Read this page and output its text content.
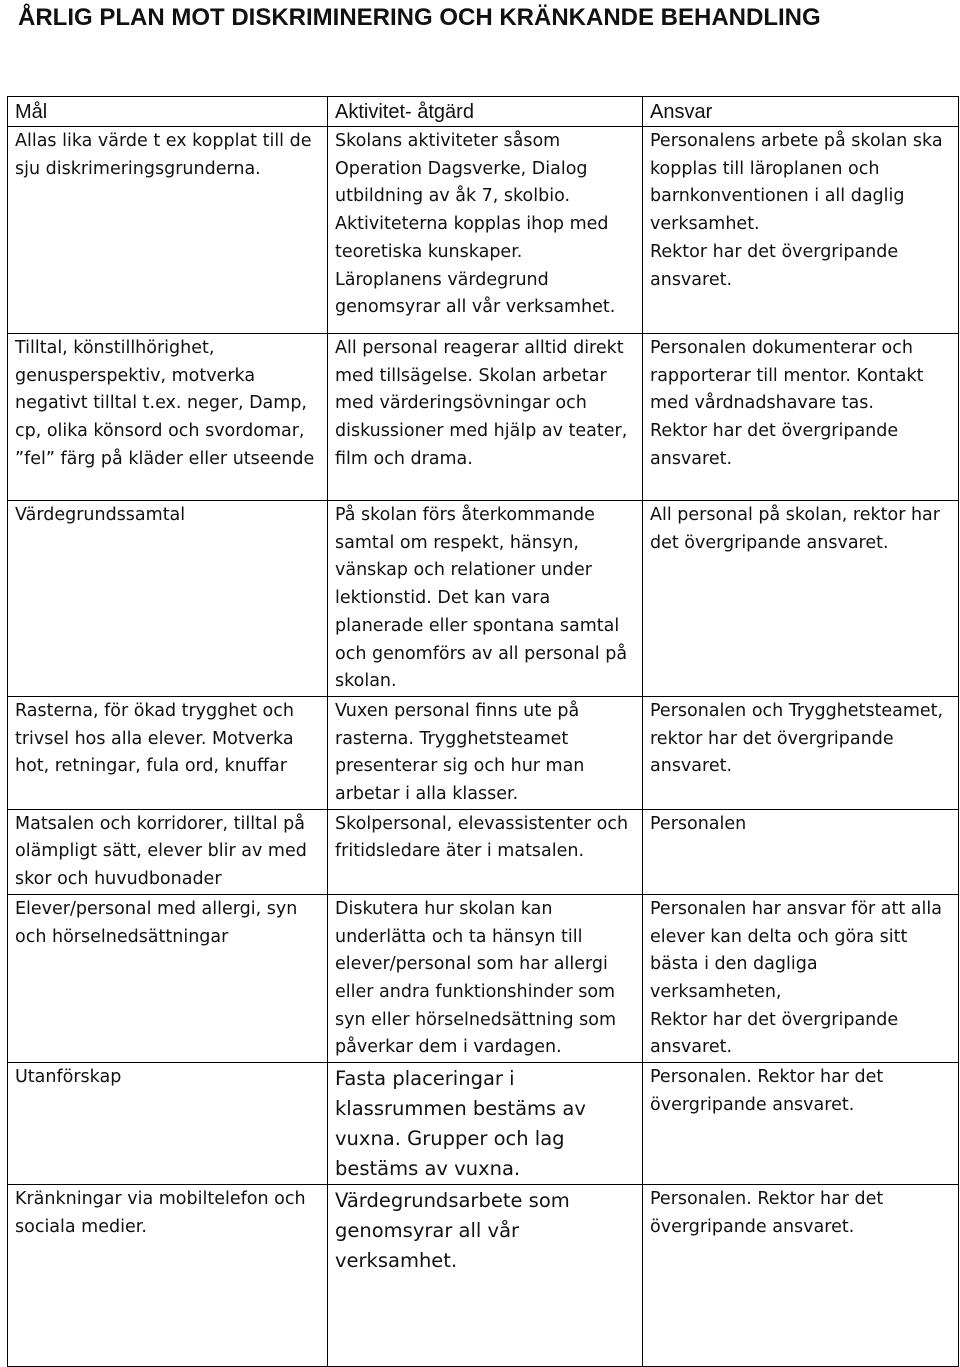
ÅRLIG PLAN MOT DISKRIMINERING OCH KRÄNKANDE BEHANDLING
Mål	Aktivitet- åtgärd	Ansvar

Allas lika värde t ex kopplat till de sju diskrimeringsgrunderna.	Skolans aktiviteter såsom Operation Dagsverke, Dialog utbildning av åk 7, skolbio. Aktiviteterna kopplas ihop med teoretiska kunskaper. Läroplanens värdegrund genomsyrar all vår verksamhet.	Personalens arbete på skolan ska kopplas till läroplanen och barnkonventionen i all daglig verksamhet.
Rektor har det övergripande ansvaret.

Tilltal, könstillhörighet, genusperspektiv, motverka negativt tilltal t.ex. neger, Damp, cp, olika könsord och svordomar, ”fel” färg på kläder eller utseende	All personal reagerar alltid direkt med tillsägelse. Skolan arbetar med värderingsövningar och diskussioner med hjälp av teater, film och drama.	Personalen dokumenterar och rapporterar till mentor. Kontakt med vårdnadshavare tas.
Rektor har det övergripande ansvaret.

Värdegrundssamtal	På skolan förs återkommande samtal om respekt, hänsyn, vänskap och relationer under lektionstid. Det kan vara planerade eller spontana samtal och genomförs av all personal på skolan.	All personal på skolan, rektor har det övergripande ansvaret.

Rasterna, för ökad trygghet och trivsel hos alla elever. Motverka hot, retningar, fula ord, knuffar	Vuxen personal finns ute på rasterna. Trygghetsteamet presenterar sig och hur man arbetar i alla klasser.	Personalen och Trygghetsteamet, rektor har det övergripande ansvaret.

Matsalen och korridorer, tilltal på olämpligt sätt, elever blir av med skor och huvudbonader	Skolpersonal, elevassistenter och fritidsledare äter i matsalen.	Personalen

Elever/personal med allergi, syn och hörselnedsättningar	Diskutera hur skolan kan underlätta och ta hänsyn till elever/personal som har allergi eller andra funktionshinder som syn eller hörselnedsättning som påverkar dem i vardagen.	Personalen har ansvar för att alla elever kan delta och göra sitt bästa i den dagliga verksamheten,
Rektor har det övergripande ansvaret.

Utanförskap	Fasta placeringar i klassrummen bestäms av vuxna. Grupper och lag bestäms av vuxna.	Personalen. Rektor har det övergripande ansvaret.

Kränkningar via mobiltelefon och sociala medier.	Värdegrundsarbete som genomsyrar all vår verksamhet.	Personalen. Rektor har det övergripande ansvaret.
